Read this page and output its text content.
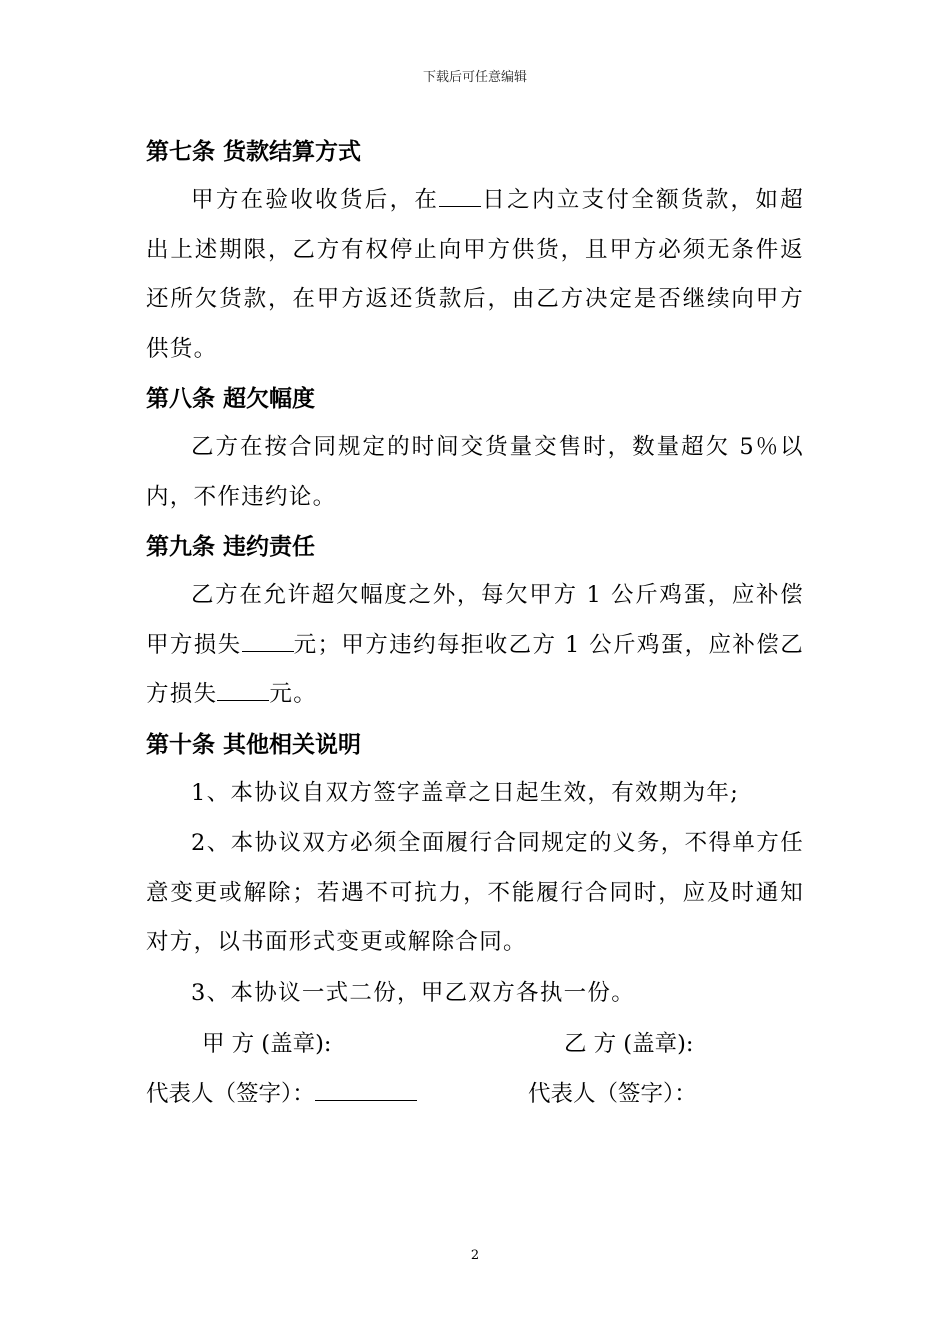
下载后可任意编辑
第七条 货款结算方式
甲方在验收收货后，在 日之内立支付全额货款，如超出上述期限，乙方有权停止向甲方供货，且甲方必须无条件返还所欠货款，在甲方返还货款后，由乙方决定是否继续向甲方供货。
第八条 超欠幅度
乙方在按合同规定的时间交货量交售时，数量超欠 5％以内，不作违约论。
第九条 违约责任
乙方在允许超欠幅度之外，每欠甲方 1 公斤鸡蛋，应补偿甲方损失 元；甲方违约每拒收乙方 1 公斤鸡蛋，应补偿乙方损失 元。
第十条 其他相关说明
1、本协议自双方签字盖章之日起生效，有效期为年;
2、本协议双方必须全面履行合同规定的义务，不得单方任意变更或解除；若遇不可抗力，不能履行合同时，应及时通知对方，以书面形式变更或解除合同。
3、本协议一式二份，甲乙双方各执一份。
甲 方 (盖章):	乙 方 (盖章):
代表人（签字）：	代表人（签字）：
2
